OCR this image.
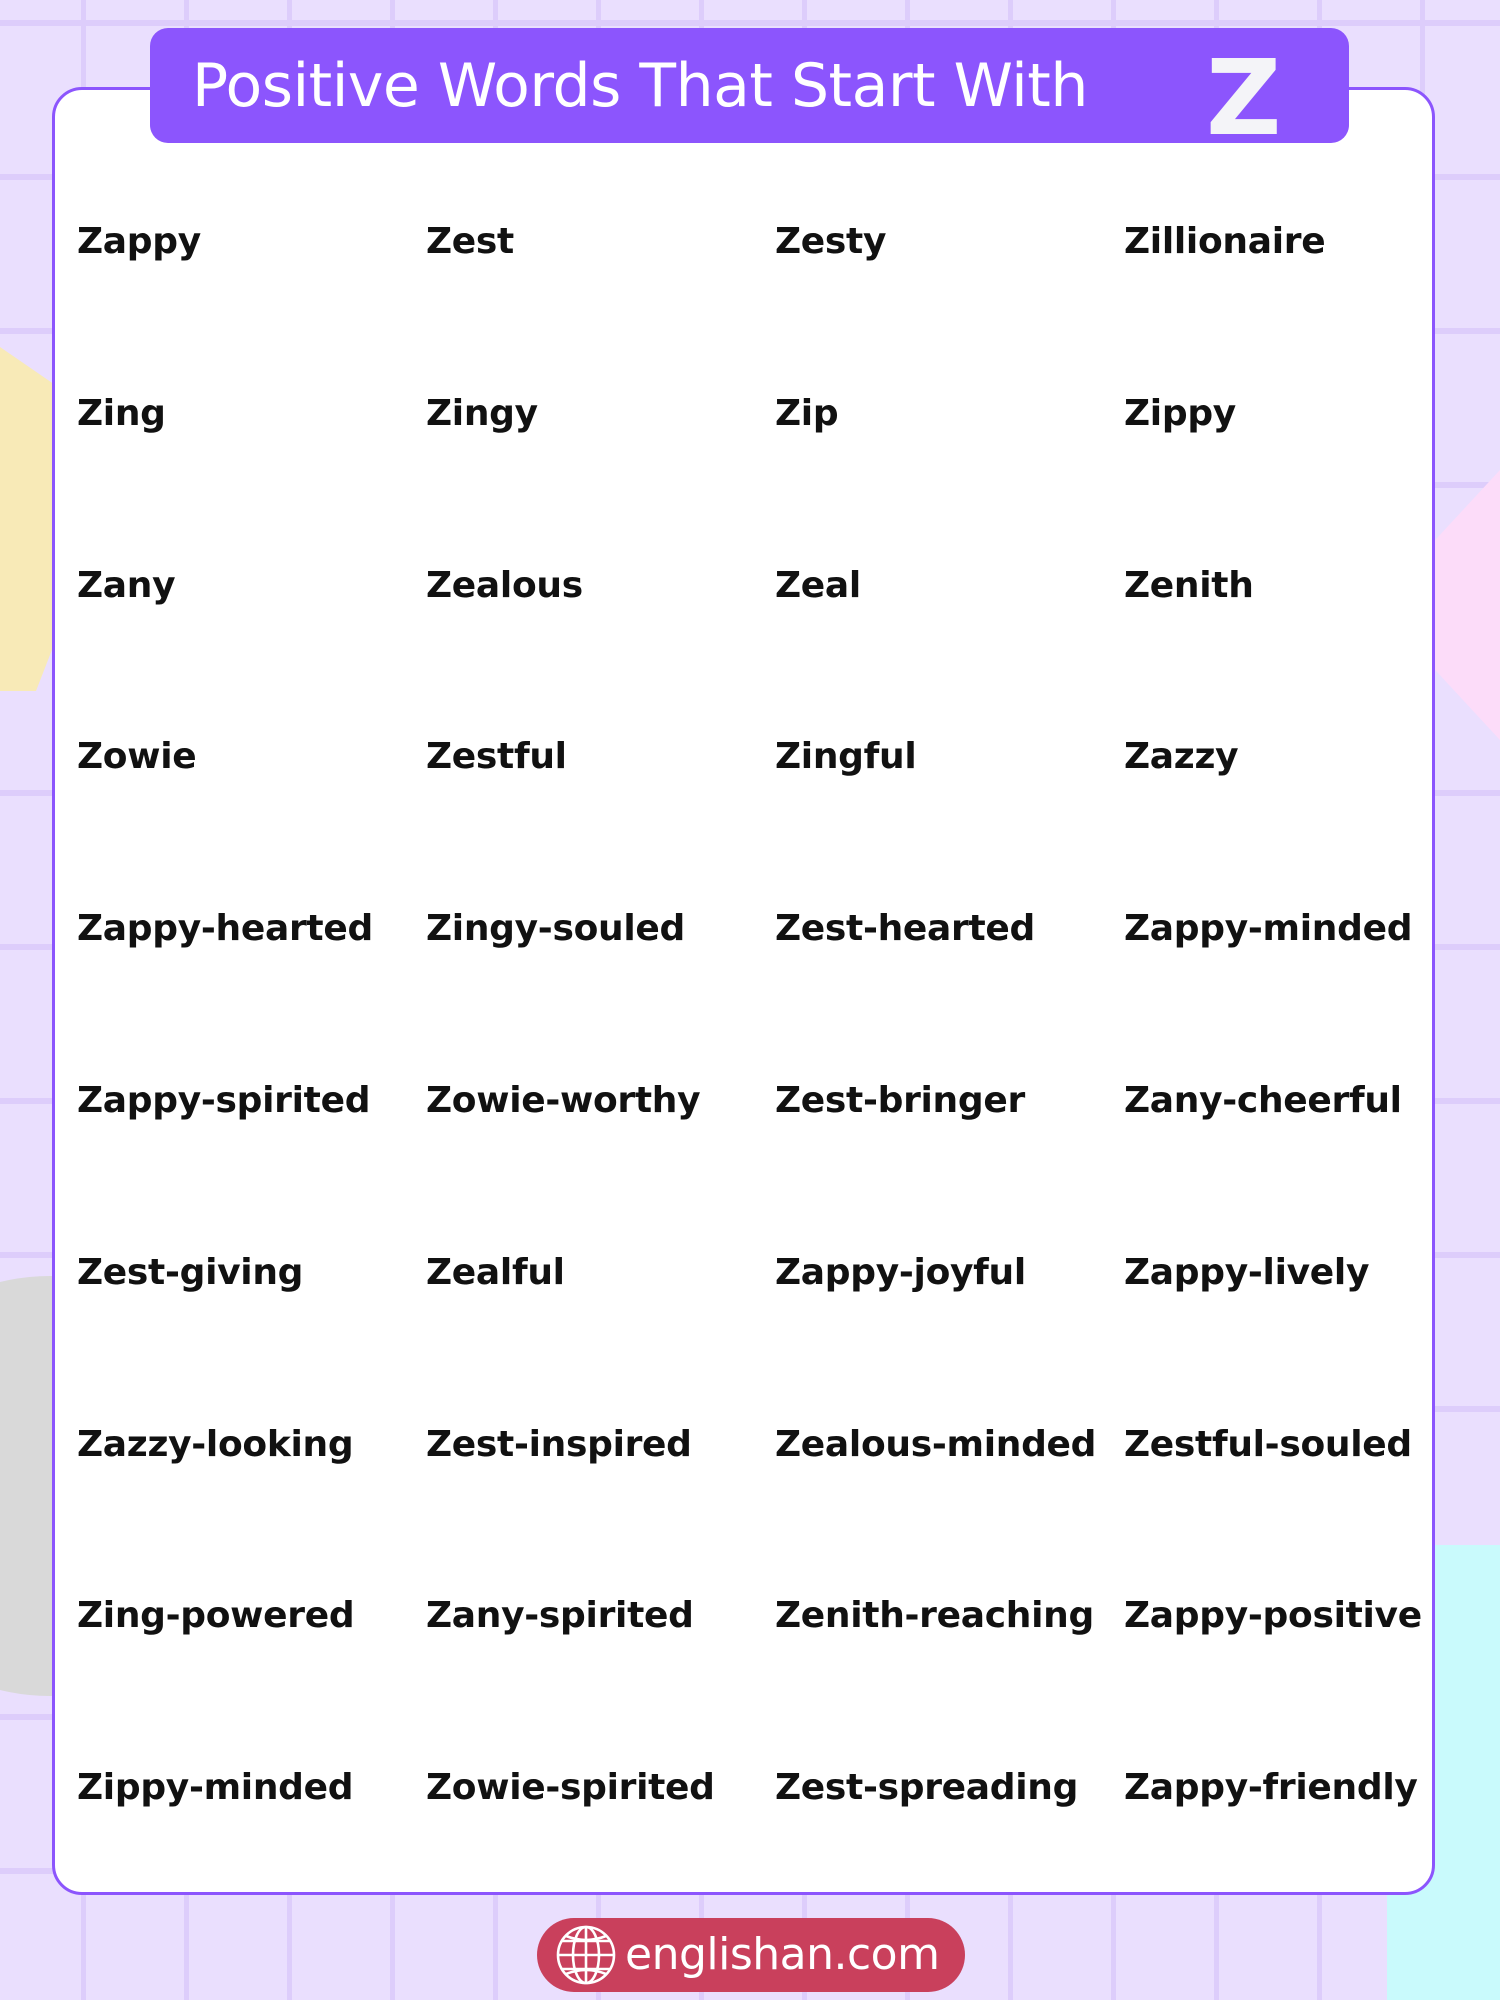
Positive Words That Start With Z
Zappy	Zest	Zesty	Zillionaire
Zing	Zingy	Zip	Zippy
Zany	Zealous	Zeal	Zenith
Zowie	Zestful	Zingful	Zazzy
Zappy-hearted	Zingy-souled	Zest-hearted	Zappy-minded
Zappy-spirited	Zowie-worthy	Zest-bringer	Zany-cheerful
Zest-giving	Zealful	Zappy-joyful	Zappy-lively
Zazzy-looking	Zest-inspired	Zealous-minded Zestful-souled
Zing-powered	Zany-spirited	Zenith-reaching Zappy-positive
Zippy-minded	Zowie-spirited	Zest-spreading	Zappy-friendly
englishan.com
